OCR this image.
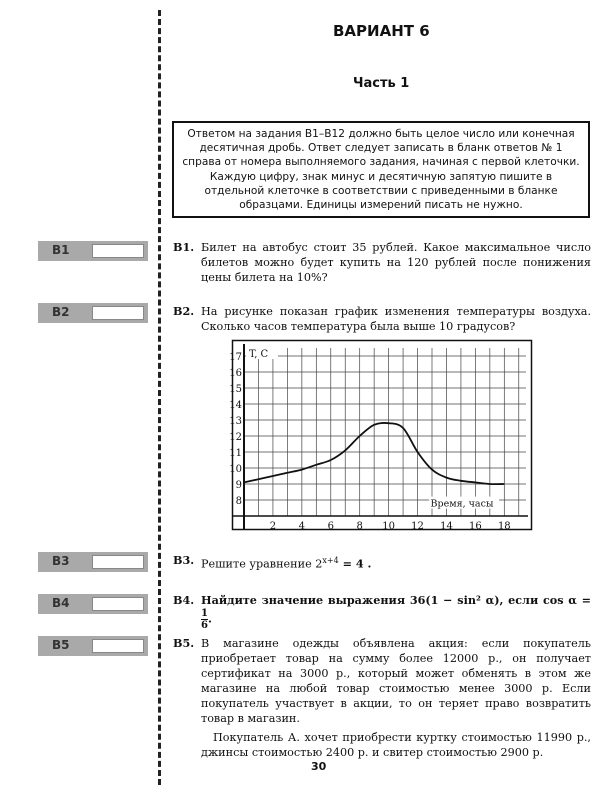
ВАРИАНТ 6
Часть 1
Ответом на задания В1–В12 должно быть целое число или конечная десятичная дробь. Ответ следует записать в бланк ответов № 1 справа от номера выполняемого задания, начиная с первой клеточки. Каждую цифру, знак минус и десятичную запятую пишите в отдельной клеточке в соответствии с приведенными в бланке образцами. Единицы измерений писать не нужно.
В1
В2
В3
В4
В5
В1. Билет на автобус стоит 35 рублей. Какое максимальное число билетов можно будет купить на 120 рублей после понижения цены билета на 10%?
В2. На рисунке показан график изменения температуры воздуха. Сколько часов температура была выше 10 градусов?
8
9
10
11
12
13
14
15
16
17
2 4 6 8 10 12 14 16 18
T, C
Время, часы
В3. Решите уравнение $2^{x+4} = 4$ .
В4. Найдите значение выражения 36(1 − sin² α), если cos α =
$\frac{1}{6}$ .
В5. В магазине одежды объявлена акция: если покупатель приобретает товар на сумму более 12000 р., он получает сертификат на 3000 р., который может обменять в этом же магазине на любой товар стоимостью менее 3000 р. Если покупатель участвует в акции, то он теряет право возвратить товар в магазин.

Покупатель А. хочет приобрести куртку стоимостью 11990 р., джинсы стоимостью 2400 р. и свитер стоимостью 2900 р.

30
